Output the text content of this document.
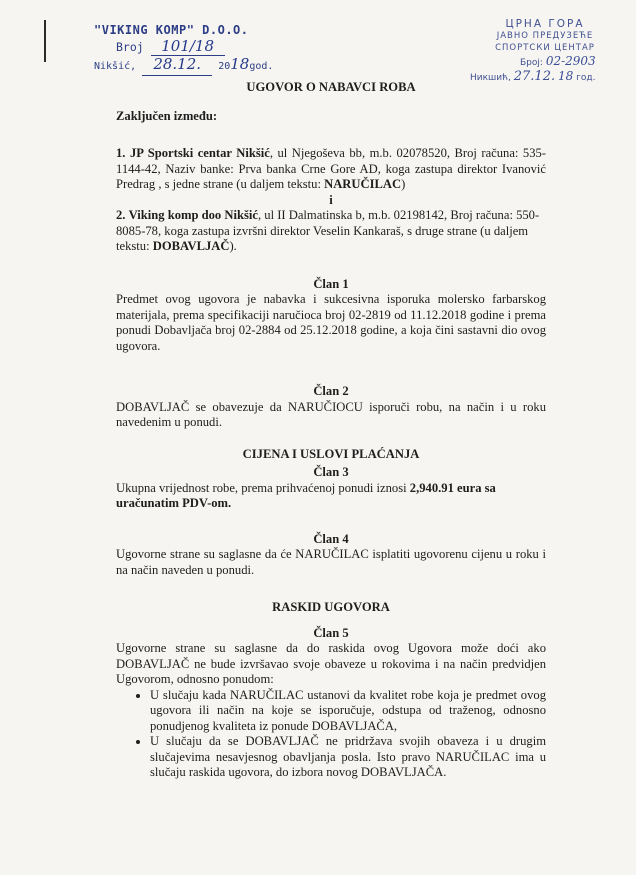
"VIKING KOMP" D.O.O.
Broj 101/18
Nikšić, 28.12. 2018god.
ЦРНА ГОРА
ЈАВНО ПРЕДУЗЕЋЕ
СПОРТСКИ ЦЕНТАР
Број: 02-2903
Никшић, 27.12. 18 год.
UGOVOR O NABAVCI ROBA

Zaključen između:

1. JP Sportski centar Nikšić, ul Njegoševa bb, m.b. 02078520, Broj računa: 535-1144-42, Naziv banke: Prva banka Crne Gore AD, koga zastupa direktor Ivanović Predrag , s jedne strane (u daljem tekstu: NARUČILAC)

i

2. Viking komp doo Nikšić, ul II Dalmatinska b, m.b. 02198142, Broj računa: 550-8085-78, koga zastupa izvršni direktor Veselin Kankaraš, s druge strane (u daljem tekstu: DOBAVLJAČ).

Član 1

Predmet ovog ugovora je nabavka i sukcesivna isporuka molersko farbarskog materijala, prema specifikaciji naručioca broj 02-2819 od 11.12.2018 godine i prema ponudi Dobavljača broj 02-2884 od 25.12.2018 godine, a koja čini sastavni dio ovog ugovora.

Član 2

DOBAVLJAČ se obavezuje da NARUČIOCU isporuči robu, na način i u roku navedenim u ponudi.

CIJENA I USLOVI PLAĆANJA
Član 3

Ukupna vrijednost robe, prema prihvaćenoj ponudi iznosi 2,940.91 eura sa uračunatim PDV-om.

Član 4

Ugovorne strane su saglasne da će NARUČILAC isplatiti ugovorenu cijenu u roku i na način naveden u ponudi.

RASKID UGOVORA
Član 5

Ugovorne strane su saglasne da do raskida ovog Ugovora može doći ako DOBAVLJAČ ne bude izvršavao svoje obaveze u rokovima i na način predvidjen Ugovorom, odnosno ponudom:

• U slučaju kada NARUČILAC ustanovi da kvalitet robe koja je predmet ovog ugovora ili način na koje se isporučuje, odstupa od traženog, odnosno ponudjenog kvaliteta iz ponude DOBAVLJAČA,
• U slučaju da se DOBAVLJAČ ne pridržava svojih obaveza i u drugim slučajevima nesavjesnog obavljanja posla. Isto pravo NARUČILAC ima u slučaju raskida ugovora, do izbora novog DOBAVLJAČA.
